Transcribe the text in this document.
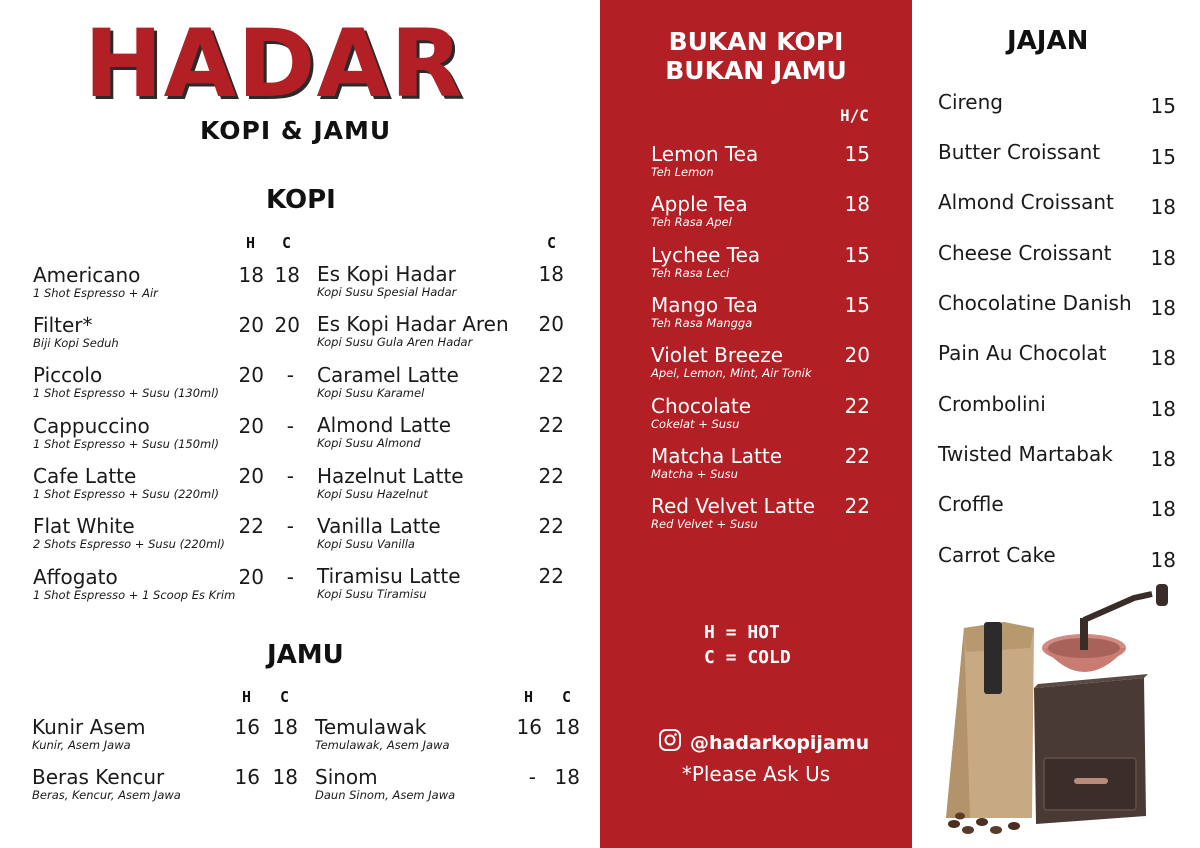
HADAR
KOPI & JAMU
KOPI
H C	C
Americano
1 Shot Espresso + Air
18 18
Filter*
Biji Kopi Seduh
20 20
Piccolo
1 Shot Espresso + Susu (130ml)
20	-
Cappuccino
1 Shot Espresso + Susu (150ml)
20	-
Cafe Latte
1 Shot Espresso + Susu (220ml)
20	-
Flat White
2 Shots Espresso + Susu (220ml)
22	-
Affogato
1 Shot Espresso + 1 Scoop Es Krim
20	-
Es Kopi Hadar
Kopi Susu Spesial Hadar
18
Es Kopi Hadar Aren
Kopi Susu Gula Aren Hadar
20
Caramel Latte
Kopi Susu Karamel
22
Almond Latte
Kopi Susu Almond
22
Hazelnut Latte
Kopi Susu Hazelnut
22
Vanilla Latte
Kopi Susu Vanilla
22
Tiramisu Latte
Kopi Susu Tiramisu
22
JAMU
H C	H C
Kunir Asem
Kunir, Asem Jawa
16 18
Beras Kencur
Beras, Kencur, Asem Jawa
16 18
Temulawak
Temulawak, Asem Jawa
16 18
Sinom
Daun Sinom, Asem Jawa
- 18
BUKAN KOPI
BUKAN JAMU
H/C
Lemon Tea
Teh Lemon
15
Apple Tea
Teh Rasa Apel
18
Lychee Tea
Teh Rasa Leci
15
Mango Tea
Teh Rasa Mangga
15
Violet Breeze
Apel, Lemon, Mint, Air Tonik
20
Chocolate
Cokelat + Susu
22
Matcha Latte
Matcha + Susu
22
Red Velvet Latte
Red Velvet + Susu
22
H = HOT
C = COLD
@hadarkopijamu
*Please Ask Us
JAJAN
Cireng	15
Butter Croissant	15
Almond Croissant	18
Cheese Croissant	18
Chocolatine Danish 18
Pain Au Chocolat	18
Crombolini	18
Twisted Martabak	18
Croffle	18
Carrot Cake	18
